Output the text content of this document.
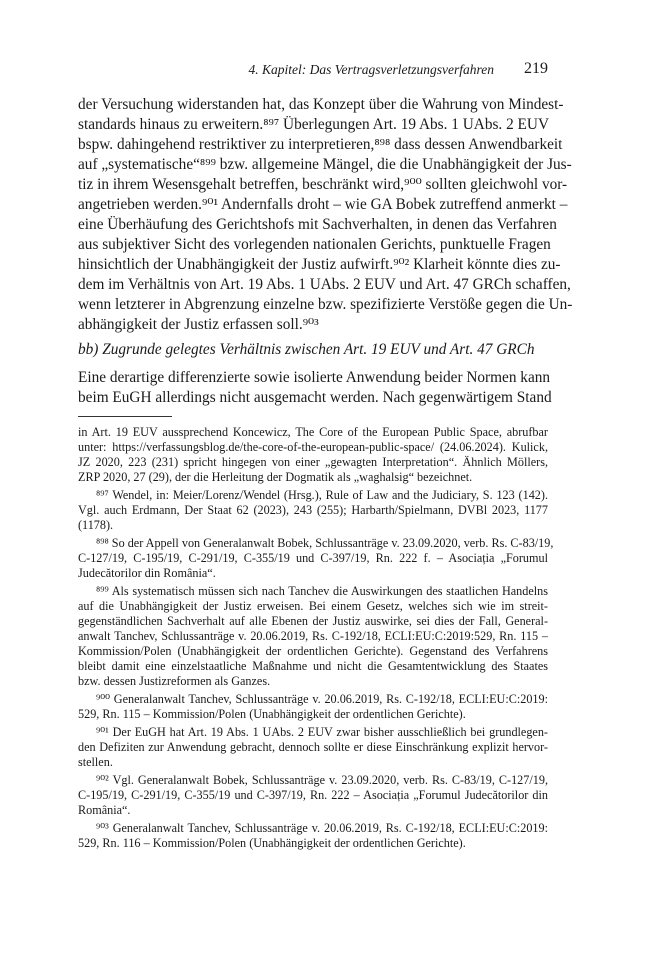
4. Kapitel: Das Vertragsverletzungsverfahren 219
der Versuchung widerstanden hat, das Konzept über die Wahrung von Mindest-
standards hinaus zu erweitern.⁸⁹⁷ Überlegungen Art. 19 Abs. 1 UAbs. 2 EUV
bspw. dahingehend restriktiver zu interpretieren,⁸⁹⁸ dass dessen Anwendbarkeit
auf „systematische“⁸⁹⁹ bzw. allgemeine Mängel, die die Unabhängigkeit der Jus-
tiz in ihrem Wesensgehalt betreffen, beschränkt wird,⁹⁰⁰ sollten gleichwohl vor-
angetrieben werden.⁹⁰¹ Andernfalls droht – wie GA Bobek zutreffend anmerkt –
eine Überhäufung des Gerichtshofs mit Sachverhalten, in denen das Verfahren
aus subjektiver Sicht des vorlegenden nationalen Gerichts, punktuelle Fragen
hinsichtlich der Unabhängigkeit der Justiz aufwirft.⁹⁰² Klarheit könnte dies zu-
dem im Verhältnis von Art. 19 Abs. 1 UAbs. 2 EUV und Art. 47 GRCh schaffen,
wenn letzterer in Abgrenzung einzelne bzw. spezifizierte Verstöße gegen die Un-
abhängigkeit der Justiz erfassen soll.⁹⁰³
bb) Zugrunde gelegtes Verhältnis zwischen Art. 19 EUV und Art. 47 GRCh
Eine derartige differenzierte sowie isolierte Anwendung beider Normen kann
beim EuGH allerdings nicht ausgemacht werden. Nach gegenwärtigem Stand
in Art. 19 EUV aussprechend Koncewicz, The Core of the European Public Space, abrufbar
unter: https://verfassungsblog.de/the-core-of-the-european-public-space/ (24.06.2024). Kulick,
JZ 2020, 223 (231) spricht hingegen von einer „gewagten Interpretation“. Ähnlich Möllers,
ZRP 2020, 27 (29), der die Herleitung der Dogmatik als „waghalsig“ bezeichnet.
⁸⁹⁷ Wendel, in: Meier/Lorenz/Wendel (Hrsg.), Rule of Law and the Judiciary, S. 123 (142).
Vgl. auch Erdmann, Der Staat 62 (2023), 243 (255); Harbarth/Spielmann, DVBl 2023, 1177
(1178).
⁸⁹⁸ So der Appell von Generalanwalt Bobek, Schlussanträge v. 23.09.2020, verb. Rs. C-83/19,
C-127/19, C-195/19, C-291/19, C-355/19 und C-397/19, Rn. 222 f. – Asociația „Forumul
Judecătorilor din România“.
⁸⁹⁹ Als systematisch müssen sich nach Tanchev die Auswirkungen des staatlichen Handelns
auf die Unabhängigkeit der Justiz erweisen. Bei einem Gesetz, welches sich wie im streit-
gegenständlichen Sachverhalt auf alle Ebenen der Justiz auswirke, sei dies der Fall, General-
anwalt Tanchev, Schlussanträge v. 20.06.2019, Rs. C-192/18, ECLI:EU:C:2019:529, Rn. 115 –
Kommission/Polen (Unabhängigkeit der ordentlichen Gerichte). Gegenstand des Verfahrens
bleibt damit eine einzelstaatliche Maßnahme und nicht die Gesamtentwicklung des Staates
bzw. dessen Justizreformen als Ganzes.
⁹⁰⁰ Generalanwalt Tanchev, Schlussanträge v. 20.06.2019, Rs. C-192/18, ECLI:EU:C:2019:
529, Rn. 115 – Kommission/Polen (Unabhängigkeit der ordentlichen Gerichte).
⁹⁰¹ Der EuGH hat Art. 19 Abs. 1 UAbs. 2 EUV zwar bisher ausschließlich bei grundlegen-
den Defiziten zur Anwendung gebracht, dennoch sollte er diese Einschränkung explizit hervor-
stellen.
⁹⁰² Vgl. Generalanwalt Bobek, Schlussanträge v. 23.09.2020, verb. Rs. C-83/19, C-127/19,
C-195/19, C-291/19, C-355/19 und C-397/19, Rn. 222 – Asociația „Forumul Judecătorilor din
România“.
⁹⁰³ Generalanwalt Tanchev, Schlussanträge v. 20.06.2019, Rs. C-192/18, ECLI:EU:C:2019:
529, Rn. 116 – Kommission/Polen (Unabhängigkeit der ordentlichen Gerichte).
